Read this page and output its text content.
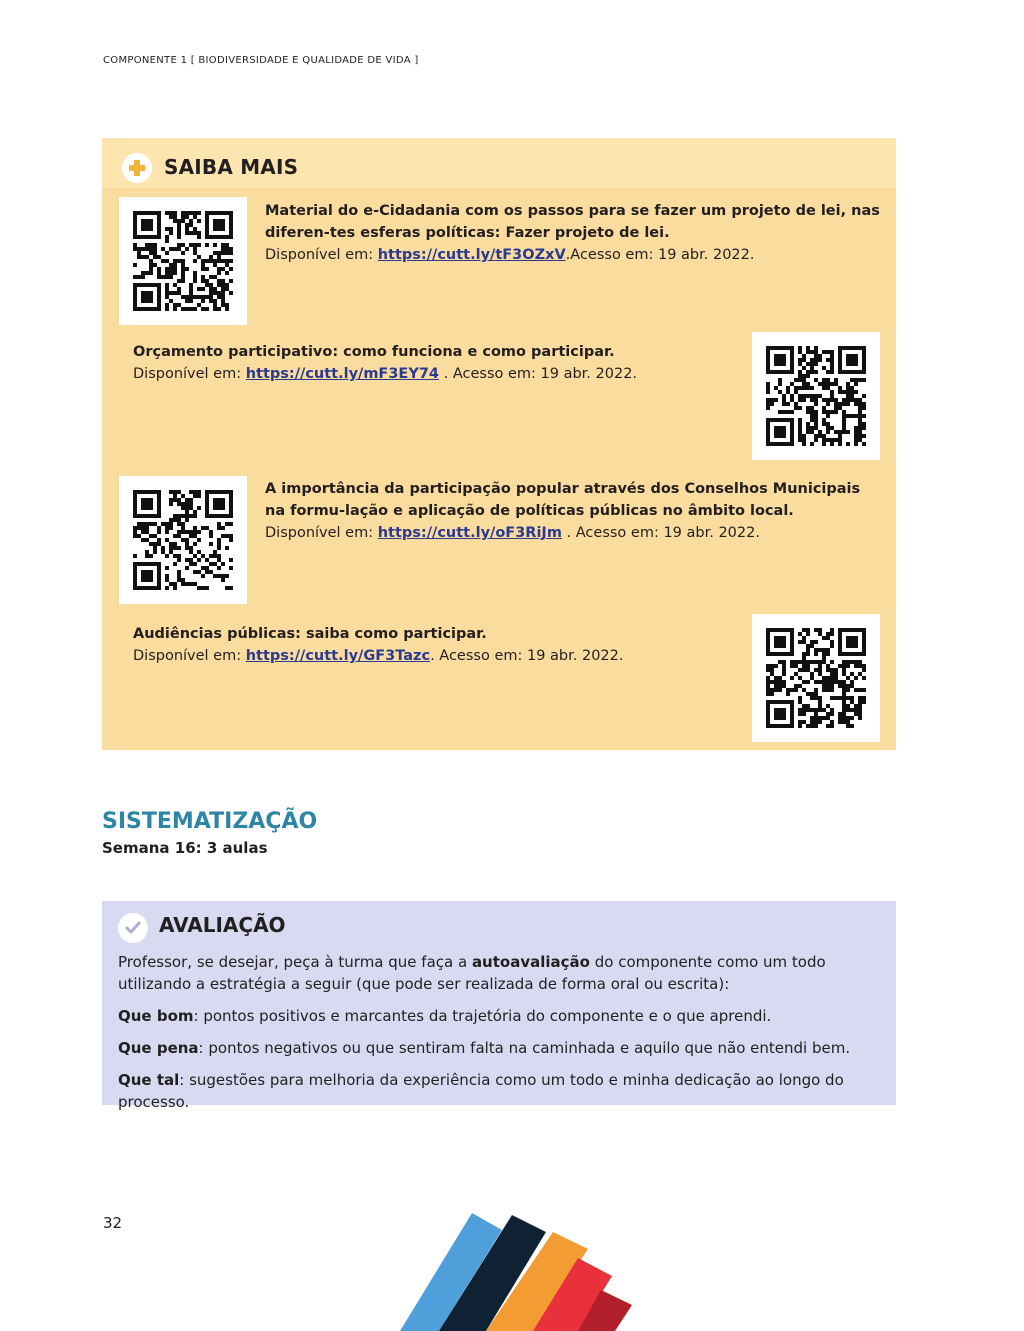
COMPONENTE 1 [ BIODIVERSIDADE E QUALIDADE DE VIDA ]
SAIBA MAIS
Material do e-Cidadania com os passos para se fazer um projeto de lei, nas diferen-tes esferas políticas: Fazer projeto de lei.
Disponível em: https://cutt.ly/tF3OZxV.Acesso em: 19 abr. 2022.
Orçamento participativo: como funciona e como participar.
Disponível em: https://cutt.ly/mF3EY74 . Acesso em: 19 abr. 2022.
A importância da participação popular através dos Conselhos Municipais na formu-lação e aplicação de políticas públicas no âmbito local.
Disponível em: https://cutt.ly/oF3RiJm . Acesso em: 19 abr. 2022.
Audiências públicas: saiba como participar.
Disponível em: https://cutt.ly/GF3Tazc. Acesso em: 19 abr. 2022.
SISTEMATIZAÇÃO
Semana 16: 3 aulas
AVALIAÇÃO

Professor, se desejar, peça à turma que faça a autoavaliação do componente como um todo utilizando a estratégia a seguir (que pode ser realizada de forma oral ou escrita):

Que bom: pontos positivos e marcantes da trajetória do componente e o que aprendi.

Que pena: pontos negativos ou que sentiram falta na caminhada e aquilo que não entendi bem.

Que tal: sugestões para melhoria da experiência como um todo e minha dedicação ao longo do processo.

32
